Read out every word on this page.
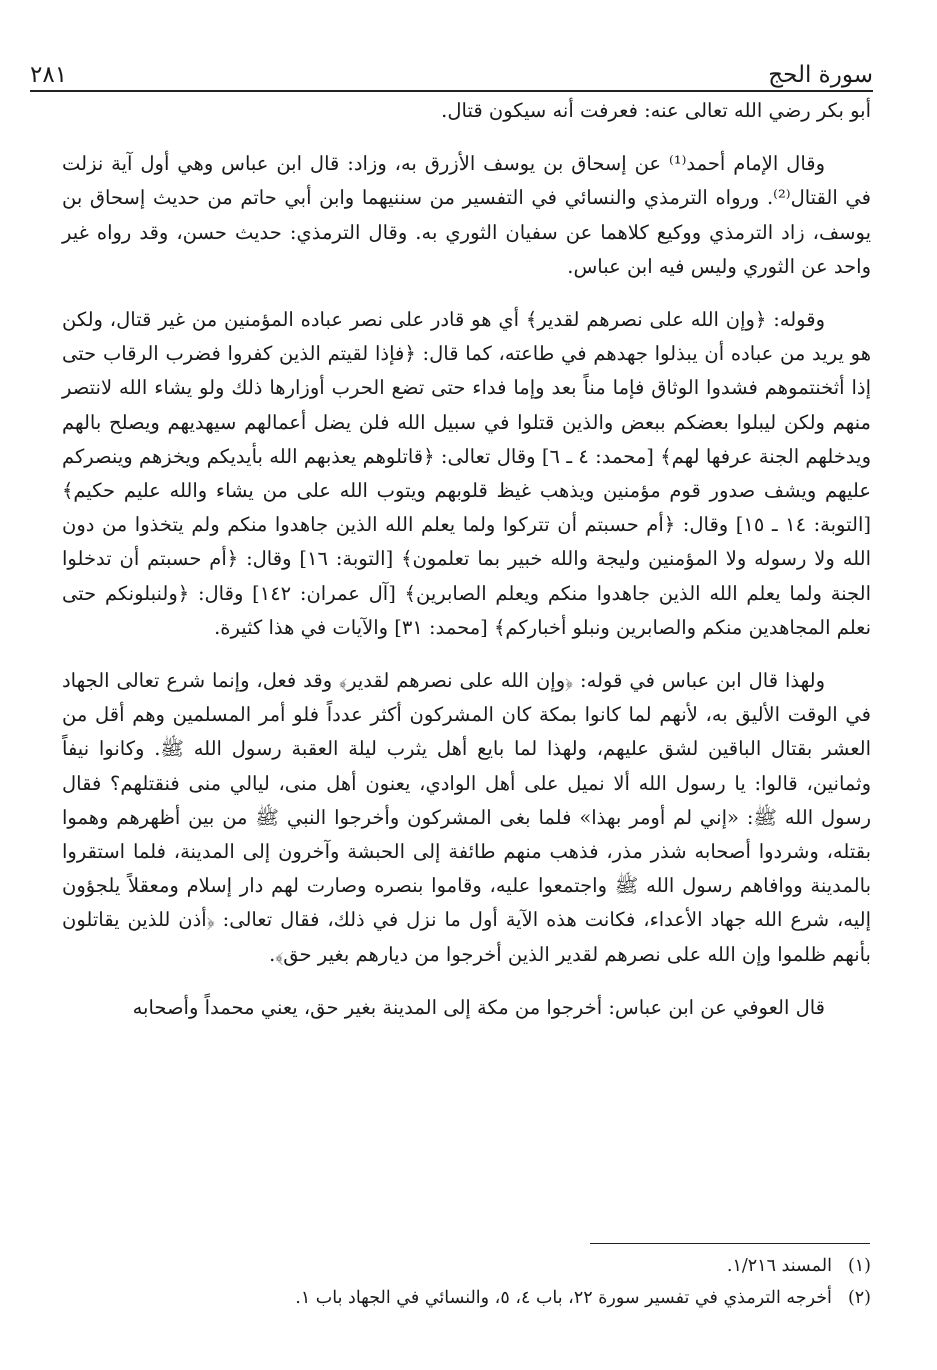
سورة الحج
٢٨١

أبو بكر رضي الله تعالى عنه: فعرفت أنه سيكون قتال.

وقال الإمام أحمد⁽¹⁾ عن إسحاق بن يوسف الأزرق به، وزاد: قال ابن عباس وهي أول آية نزلت في القتال⁽²⁾. ورواه الترمذي والنسائي في التفسير من سننيهما وابن أبي حاتم من حديث إسحاق بن يوسف، زاد الترمذي ووكيع كلاهما عن سفيان الثوري به. وقال الترمذي: حديث حسن، وقد رواه غير واحد عن الثوري وليس فيه ابن عباس.

وقوله: ﴿وإن الله على نصرهم لقدير﴾ أي هو قادر على نصر عباده المؤمنين من غير قتال، ولكن هو يريد من عباده أن يبذلوا جهدهم في طاعته، كما قال: ﴿فإذا لقيتم الذين كفروا فضرب الرقاب حتى إذا أثخنتموهم فشدوا الوثاق فإما مناً بعد وإما فداء حتى تضع الحرب أوزارها ذلك ولو يشاء الله لانتصر منهم ولكن ليبلوا بعضكم ببعض والذين قتلوا في سبيل الله فلن يضل أعمالهم سيهديهم ويصلح بالهم ويدخلهم الجنة عرفها لهم﴾ [محمد: ٤ ـ ٦] وقال تعالى: ﴿قاتلوهم يعذبهم الله بأيديكم ويخزهم وينصركم عليهم ويشف صدور قوم مؤمنين ويذهب غيظ قلوبهم ويتوب الله على من يشاء والله عليم حكيم﴾ [التوبة: ١٤ ـ ١٥] وقال: ﴿أم حسبتم أن تتركوا ولما يعلم الله الذين جاهدوا منكم ولم يتخذوا من دون الله ولا رسوله ولا المؤمنين وليجة والله خبير بما تعلمون﴾ [التوبة: ١٦] وقال: ﴿أم حسبتم أن تدخلوا الجنة ولما يعلم الله الذين جاهدوا منكم ويعلم الصابرين﴾ [آل عمران: ١٤٢] وقال: ﴿ولنبلونكم حتى نعلم المجاهدين منكم والصابرين ونبلو أخباركم﴾ [محمد: ٣١] والآيات في هذا كثيرة.

ولهذا قال ابن عباس في قوله: ﴿وإن الله على نصرهم لقدير﴾ وقد فعل، وإنما شرع تعالى الجهاد في الوقت الأليق به، لأنهم لما كانوا بمكة كان المشركون أكثر عدداً فلو أمر المسلمين وهم أقل من العشر بقتال الباقين لشق عليهم، ولهذا لما بايع أهل يثرب ليلة العقبة رسول الله ﷺ. وكانوا نيفاً وثمانين، قالوا: يا رسول الله ألا نميل على أهل الوادي، يعنون أهل منى، ليالي منى فنقتلهم؟ فقال رسول الله ﷺ: «إني لم أومر بهذا» فلما بغى المشركون وأخرجوا النبي ﷺ من بين أظهرهم وهموا بقتله، وشردوا أصحابه شذر مذر، فذهب منهم طائفة إلى الحبشة وآخرون إلى المدينة، فلما استقروا بالمدينة ووافاهم رسول الله ﷺ واجتمعوا عليه، وقاموا بنصره وصارت لهم دار إسلام ومعقلاً يلجؤون إليه، شرع الله جهاد الأعداء، فكانت هذه الآية أول ما نزل في ذلك، فقال تعالى: ﴿أذن للذين يقاتلون بأنهم ظلموا وإن الله على نصرهم لقدير الذين أخرجوا من ديارهم بغير حق﴾.

قال العوفي عن ابن عباس: أخرجوا من مكة إلى المدينة بغير حق، يعني محمداً وأصحابه

(١)
المسند ١/٢١٦.
(٢)
أخرجه الترمذي في تفسير سورة ٢٢، باب ٤، ٥، والنسائي في الجهاد باب ١.
